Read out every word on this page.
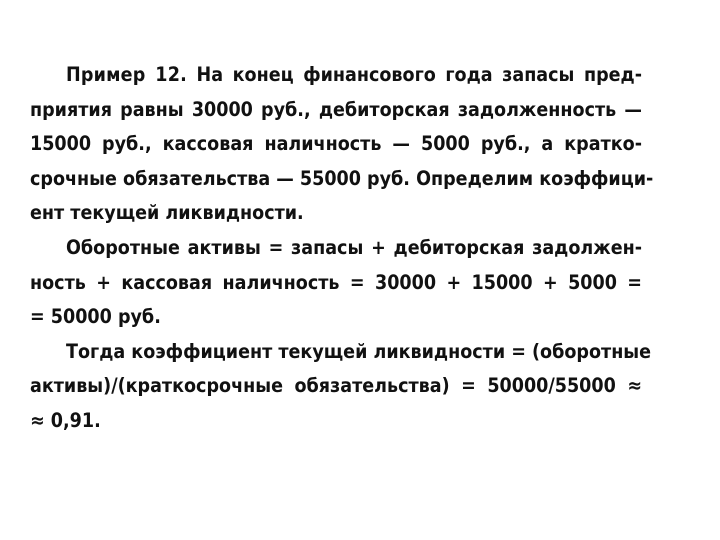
Пример 12. На конец финансового года запасы пред-
приятия равны 30000 руб., дебиторская задолженность —
15000 руб., кассовая наличность — 5000 руб., а кратко-
срочные обязательства — 55000 руб. Определим коэффици-
ент текущей ликвидности.
Оборотные активы = запасы + дебиторская задолжен-
ность + кассовая наличность = 30000 + 15000 + 5000 =
= 50000 руб.
Тогда коэффициент текущей ликвидности = (оборотные
активы)/(краткосрочные обязательства) = 50000/55000 ≈
≈ 0,91.
